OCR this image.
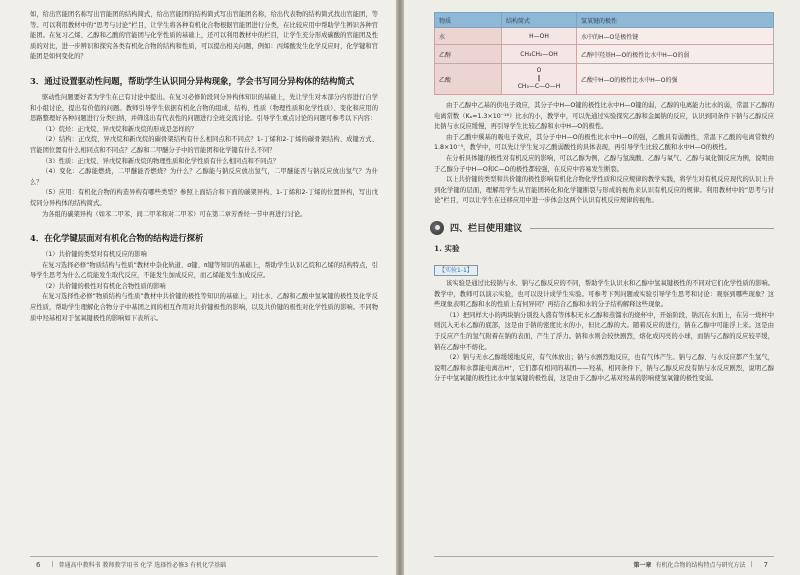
如，给出官能团名称写出官能团的结构简式，给出官能团的结构简式写出官能团名称，给出代表物的结构简式找出官能团，等等。可以利用教材中的“思考与讨论”栏目，让学生将各种有机化合物根据官能团进行分类，在比较应用中帮助学生辨识各种官能团。在复习乙烯、乙醇和乙酸的官能团与化学性质的基础上，还可以利用教材中的栏目，让学生充分形成碳酸的官能团及性质的对比，进一步辨识和探究各类有机化合物的结构和性质，可以提出相关问题，例如：丙烯酸发生化学反应时，化学键和官能团是如何变化的？

3．通过设置驱动性问题，帮助学生认识同分异构现象，学会书写同分异构体的结构简式

驱动性问题要好者为学生在已有讨论中提出。在复习必修阶段同分异构体知识的基础上，先让学生对本部分内容进行自学和小组讨论，提出有价值的问题。教师引导学生依据有机化合物的组成、结构、性质（物理性质和化学性质）、变化和应用的思路整理好各种问题进行分类归纳，并筛选出有代表性的问题进行全班交流讨论。引导学生重点讨论的问题可参考以下内容：

（1）烷烃：正戊烷、异戊烷和新戊烷的形成是怎样的？

（2）结构：正戊烷、异戊烷和新戊烷的碳骨架结构有什么相同点和不同点？1-丁烯和2-丁烯的碳骨架结构、成键方式、官能团位置有什么相同点和不同点？乙醇和二甲醚分子中的官能团和化学键有什么不同？

（3）性质：正戊烷、异戊烷和新戊烷的物理性质和化学性质有什么相同点和不同点？

（4）变化：乙醇能燃烧，二甲醚能否燃烧？为什么？乙醇能与钠反应放出氢气，二甲醚能否与钠反应放出氢气？为什么？

（5）应用：有机化合物的构造异构有哪些类型？参照上面结合和下面的碳架异构、1-丁烯和2-丁烯的位置异构，写出戊烷同分异构体的结构简式。

为各组的碳架异构（如苯二甲苯、间二甲苯和对二甲苯）可在第二章芳香烃一节中再进行讨论。

4．在化学键层面对有机化合物的结构进行探析

（1）共价键的类型对有机反应的影响

在复习选择必修“物质结构与性质”教材中杂化轨道、σ键、π键等知识的基础上，帮助学生认识乙烷和乙烯的结构特点，引导学生思考为什么乙烷能发生取代反应，不能发生加成反应，而乙烯能发生加成反应。

（2）共价键的极性对有机化合物性质的影响

在复习选择性必修“物质结构与性质”教材中共价键的极性等知识的基础上，对比水、乙醇和乙酸中氢氧键的极性及化学反应性质，帮助学生理解化合物分子中基团之间的相互作用对共价键极性的影响，以及共价键的极性对化学性质的影响。不同物质中羟基相对于氢氧键极性的影响如下表所示。

6 | 普通高中教科书 教师教学用书 化学 选择性必修3 有机化学基础
物质	结构简式	氢氧键的极性
水	H—OH	水中的H—O是极性键
乙醇	CH₃CH₂—OH	乙醇中羟基H—O的极性比水中H—O的弱
乙酸	O
‖
CH₃—C—O—H	乙酸中H—O的极性比水中H—O的强

由于乙醇中乙基的供电子效应，其分子中H—O键的极性比水中H—O键的弱，乙醇的电离能力比水的弱，常温下乙醇的电离常数（Kₐ≈1.3×10⁻¹⁶）比水的小，教学中，可以先通过实验探究乙醇和金属钠的反应，认识到同条件下钠与乙醇反应比钠与水反应缓慢，再引导学生比较乙醇和水中H—O的极性。

由于乙酸中羰基的吸电子效应，其分子中H—O的极性比水中H—O的强，乙酸具有弱酸性，常温下乙酸的电离常数约1.8×10⁻⁵，教学中，可以先让学生复习乙酸弱酸性的具体表现，再引导学生比较乙酸和水中H—O的极性。

在分析具体键的极性对有机反应的影响，可以乙醇为例，乙醇与氢溴酸、乙醇与氧气、乙醇与氧化铜反应为例，说明由于乙醇分子中H—O和C—O的极性都较强，在反应中容易发生断裂。

以上共价键的类型和共价键的极性影响有机化合物化学性质和反应规律的教学实践，将学生对有机反应现代的认识上升到化学键的层面，理解用学生从官能团转化和化学键断裂与形成的视角来认识有机反应的规律。利用教材中的“思考与讨论”栏目，可以让学生在迁移应用中进一步体会这两个认识有机反应规律的视角。

四、栏目使用建议
1. 实验
【实验1-1】

该实验是通过比较钠与水、钠与乙醇反应的不同，帮助学生认识水和乙醇中氢氧键极性的不同对它们化学性质的影响。教学中，教师可以演示实验，也可以设计成学生实验。可参考下列问题或实验引导学生思考和讨论：观察到哪些现象？这些现象表明乙醇和水的性质上有何异同？再结合乙醇和水的分子结构解释这些现象。

（1）把同样大小的两块钠分别投入盛有等体积无水乙醇和蒸馏水的烧杯中，开始阶段，钠沉在水面上，在另一烧杯中则沉入无水乙醇的底部，这是由于钠的密度比水的小，但比乙醇的大。随着反应的进行，钠在乙醇中可能浮上来。这是由于反应产生的氢气附着在钠的表面，产生了浮力。钠和水则会较快剧烈，熔化成闪亮的小球，而钠与乙醇的反应较平缓，钠在乙醇中不熔化。

（2）钠与无水乙醇缓缓地反应，有气体放出；钠与水剧烈地反应，也有气体产生。钠与乙醇、与水反应都产生氢气，说明乙醇和水都能电离出H⁺，它们都有相同的基团——羟基，相同条件下，钠与乙醇反应没有钠与水反应剧烈，说明乙醇分子中氢氧键的极性比水中氢氧键的极性弱，这是由于乙醇中乙基对羟基的影响使氢氧键的极性变弱。

第一章 有机化合物的结构特点与研究方法 | 7
